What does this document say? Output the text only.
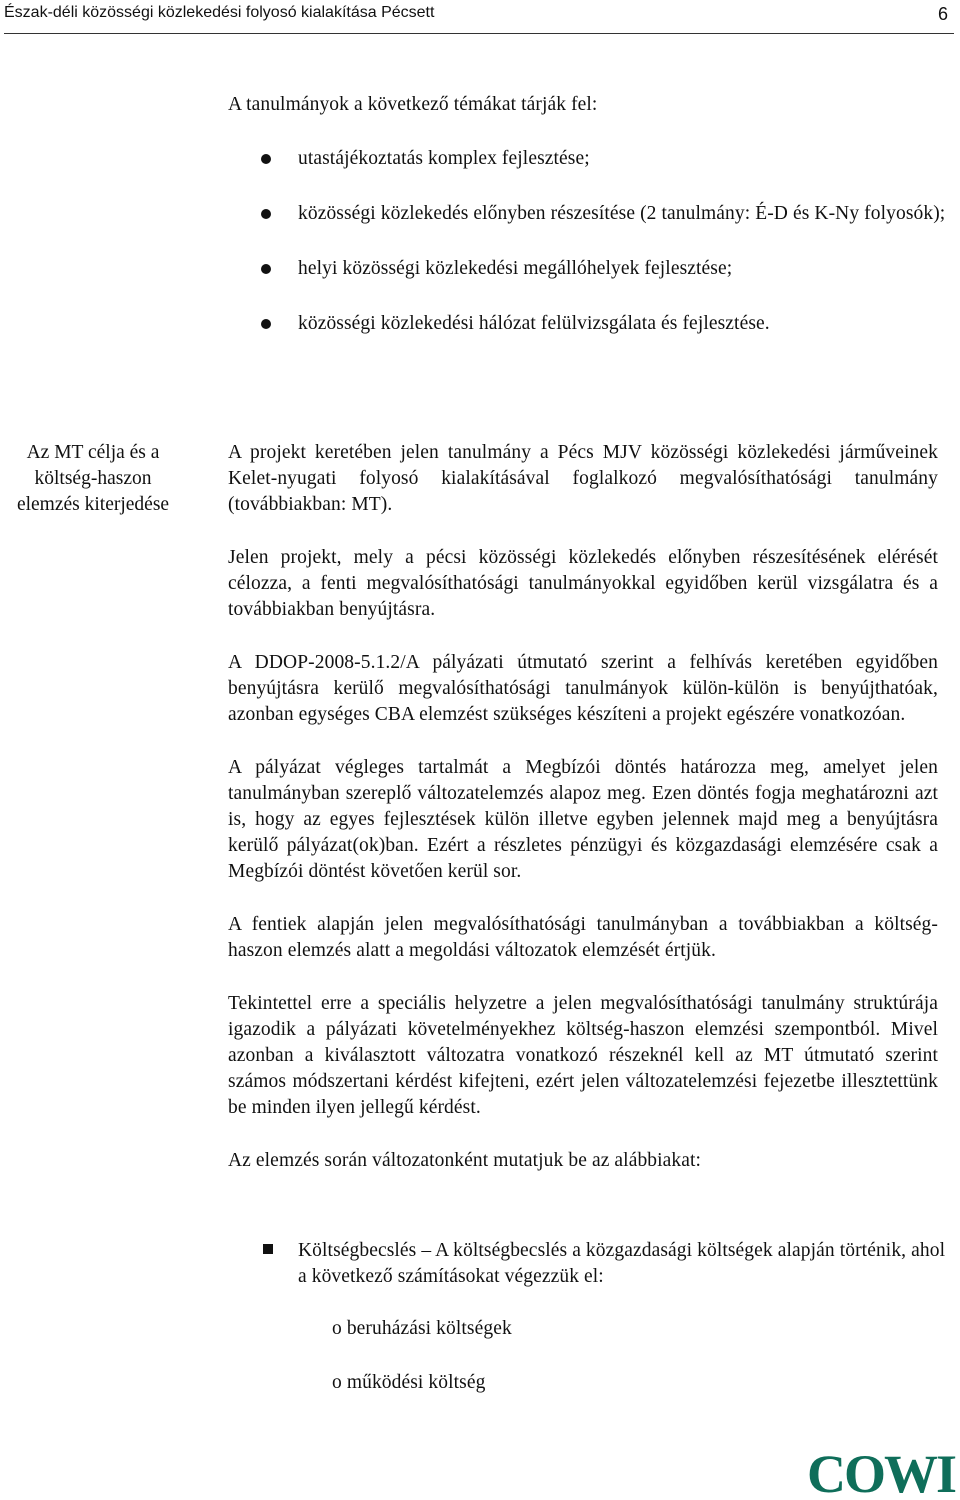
Észak-déli közösségi közlekedési folyosó kialakítása Pécsett	6
A tanulmányok a következő témákat tárják fel:
utastájékoztatás komplex fejlesztése;
közösségi közlekedés előnyben részesítése (2 tanulmány: É-D és K-Ny folyosók);
helyi közösségi közlekedési megállóhelyek fejlesztése;
közösségi közlekedési hálózat felülvizsgálata és fejlesztése.
Az MT célja és a
költség-haszon
elemzés kiterjedése

A projekt keretében jelen tanulmány a Pécs MJV közösségi közlekedési járműveinek Kelet-nyugati folyosó kialakításával foglalkozó megvalósíthatósági tanulmány (továbbiakban: MT).

Jelen projekt, mely a pécsi közösségi közlekedés előnyben részesítésének elérését célozza, a fenti megvalósíthatósági tanulmányokkal egyidőben kerül vizsgálatra és a továbbiakban benyújtásra.

A DDOP-2008-5.1.2/A pályázati útmutató szerint a felhívás keretében egyidőben benyújtásra kerülő megvalósíthatósági tanulmányok külön-külön is benyújthatóak, azonban egységes CBA elemzést szükséges készíteni a projekt egészére vonatkozóan.

A pályázat végleges tartalmát a Megbízói döntés határozza meg, amelyet jelen tanulmányban szereplő változatelemzés alapoz meg. Ezen döntés fogja meghatározni azt is, hogy az egyes fejlesztések külön illetve egyben jelennek majd meg a benyújtásra kerülő pályázat(ok)ban. Ezért a részletes pénzügyi és közgazdasági elemzésére csak a Megbízói döntést követően kerül sor.

A fentiek alapján jelen megvalósíthatósági tanulmányban a továbbiakban a költség-haszon elemzés alatt a megoldási változatok elemzését értjük.

Tekintettel erre a speciális helyzetre a jelen megvalósíthatósági tanulmány struktúrája igazodik a pályázati követelményekhez költség-haszon elemzési szempontból. Mivel azonban a kiválasztott változatra vonatkozó részeknél kell az MT útmutató szerint számos módszertani kérdést kifejteni, ezért jelen változatelemzési fejezetbe illesztettünk be minden ilyen jellegű kérdést.

Az elemzés során változatonként mutatjuk be az alábbiakat:

Költségbecslés – A költségbecslés a közgazdasági költségek alapján történik, ahol a következő számításokat végezzük el:
o beruházási költségek
o működési költség
COWI
